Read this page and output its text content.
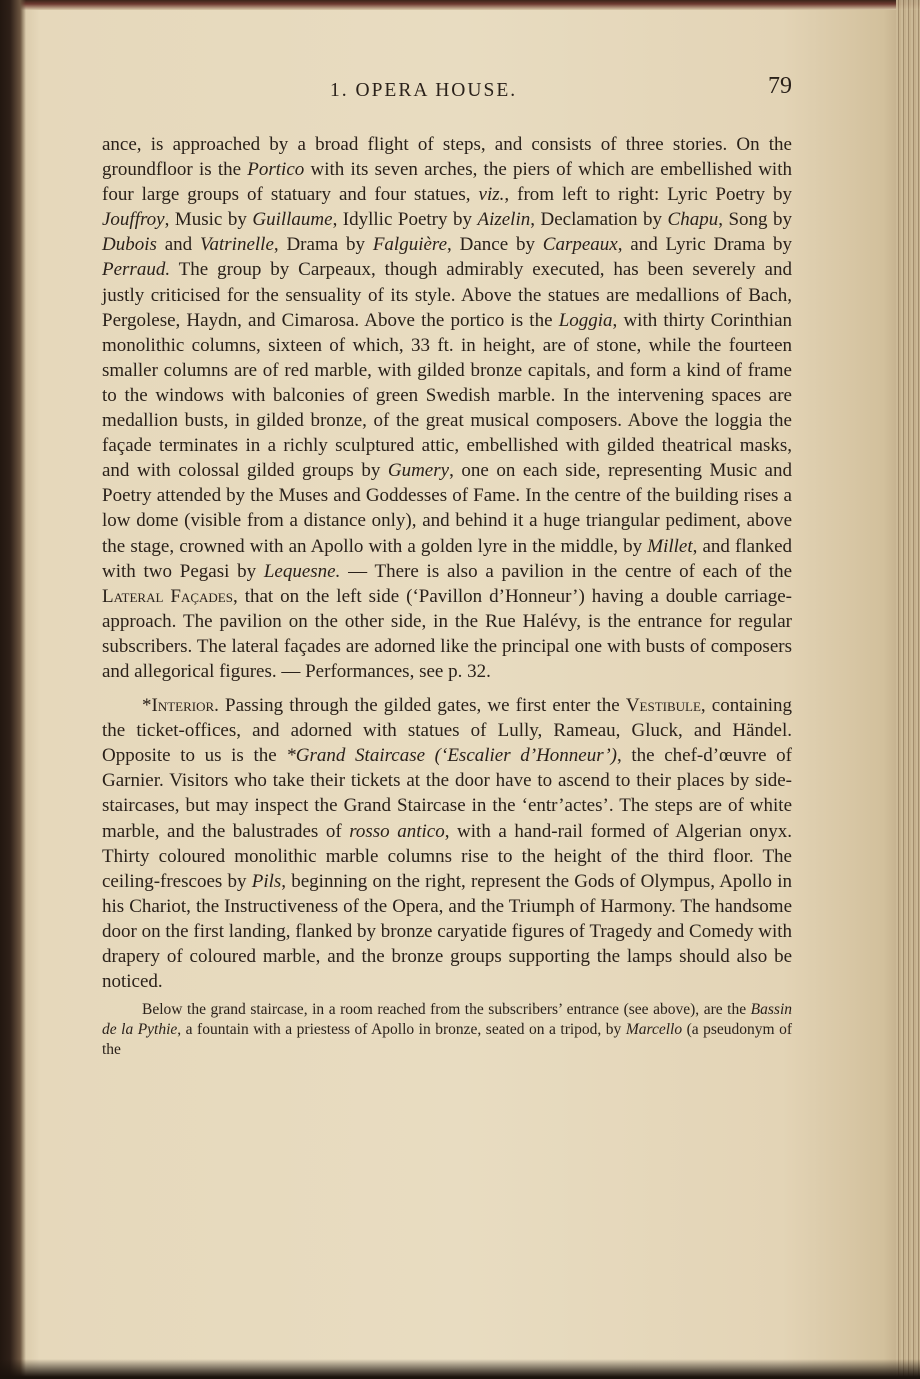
1. OPERA HOUSE.	79

ance, is approached by a broad flight of steps, and consists of three stories. On the groundfloor is the Portico with its seven arches, the piers of which are embellished with four large groups of statuary and four statues, viz., from left to right: Lyric Poetry by Jouffroy, Music by Guillaume, Idyllic Poetry by Aizelin, Declamation by Chapu, Song by Dubois and Vatrinelle, Drama by Falguière, Dance by Carpeaux, and Lyric Drama by Perraud. The group by Carpeaux, though admirably executed, has been severely and justly criticised for the sensuality of its style. Above the statues are medallions of Bach, Pergolese, Haydn, and Cimarosa. Above the portico is the Loggia, with thirty Corinthian monolithic columns, sixteen of which, 33 ft. in height, are of stone, while the fourteen smaller columns are of red marble, with gilded bronze capitals, and form a kind of frame to the windows with balconies of green Swedish marble. In the intervening spaces are medallion busts, in gilded bronze, of the great musical composers. Above the loggia the façade terminates in a richly sculptured attic, embellished with gilded theatrical masks, and with colossal gilded groups by Gumery, one on each side, representing Music and Poetry attended by the Muses and Goddesses of Fame. In the centre of the building rises a low dome (visible from a distance only), and behind it a huge triangular pediment, above the stage, crowned with an Apollo with a golden lyre in the middle, by Millet, and flanked with two Pegasi by Lequesne. — There is also a pavilion in the centre of each of the Lateral Façades, that on the left side (‘Pavillon d’Honneur’) having a double carriage-approach. The pavilion on the other side, in the Rue Halévy, is the entrance for regular subscribers. The lateral façades are adorned like the principal one with busts of composers and allegorical figures. — Performances, see p. 32.

*Interior. Passing through the gilded gates, we first enter the Vestibule, containing the ticket-offices, and adorned with statues of Lully, Rameau, Gluck, and Händel. Opposite to us is the *Grand Staircase (‘Escalier d’Honneur’), the chef-d’œuvre of Garnier. Visitors who take their tickets at the door have to ascend to their places by side-staircases, but may inspect the Grand Staircase in the ‘entr’actes’. The steps are of white marble, and the balustrades of rosso antico, with a hand-rail formed of Algerian onyx. Thirty coloured monolithic marble columns rise to the height of the third floor. The ceiling-frescoes by Pils, beginning on the right, represent the Gods of Olympus, Apollo in his Chariot, the Instructiveness of the Opera, and the Triumph of Harmony. The handsome door on the first landing, flanked by bronze caryatide figures of Tragedy and Comedy with drapery of coloured marble, and the bronze groups supporting the lamps should also be noticed.

Below the grand staircase, in a room reached from the subscribers’ entrance (see above), are the Bassin de la Pythie, a fountain with a priestess of Apollo in bronze, seated on a tripod, by Marcello (a pseudonym of the
